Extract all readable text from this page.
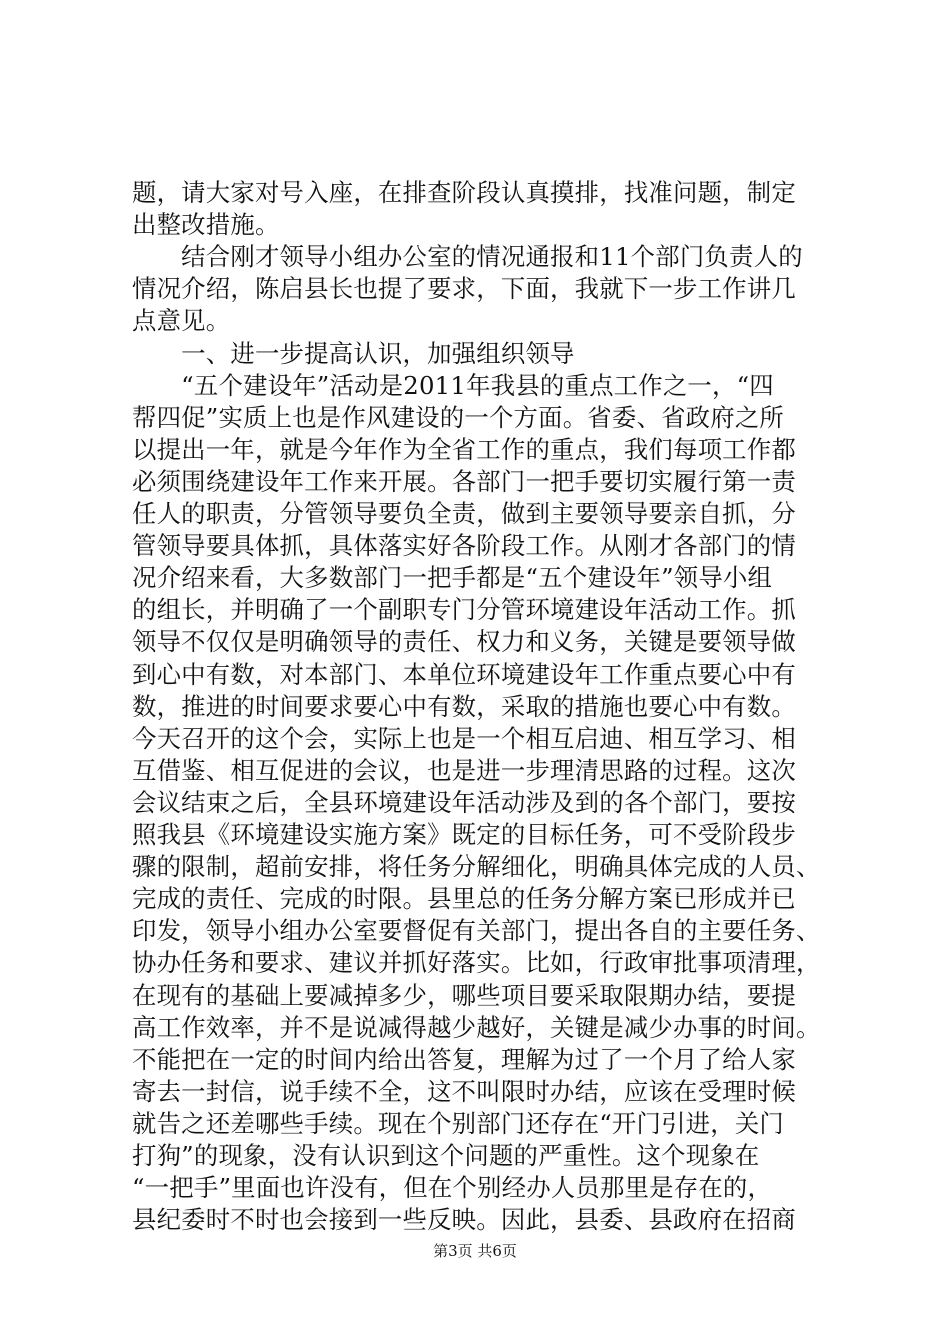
题，请大家对号入座，在排查阶段认真摸排，找准问题，制定
出整改措施。
　　结合刚才领导小组办公室的情况通报和11个部门负责人的
情况介绍，陈启县长也提了要求，下面，我就下一步工作讲几
点意见。
　　一、进一步提高认识，加强组织领导
　　“五个建设年”活动是2011年我县的重点工作之一，“四
帮四促”实质上也是作风建设的一个方面。省委、省政府之所
以提出一年，就是今年作为全省工作的重点，我们每项工作都
必须围绕建设年工作来开展。各部门一把手要切实履行第一责
任人的职责，分管领导要负全责，做到主要领导要亲自抓，分
管领导要具体抓，具体落实好各阶段工作。从刚才各部门的情
况介绍来看，大多数部门一把手都是“五个建设年”领导小组
的组长，并明确了一个副职专门分管环境建设年活动工作。抓
领导不仅仅是明确领导的责任、权力和义务，关键是要领导做
到心中有数，对本部门、本单位环境建设年工作重点要心中有
数，推进的时间要求要心中有数，采取的措施也要心中有数。
今天召开的这个会，实际上也是一个相互启迪、相互学习、相
互借鉴、相互促进的会议，也是进一步理清思路的过程。这次
会议结束之后，全县环境建设年活动涉及到的各个部门，要按
照我县《环境建设实施方案》既定的目标任务，可不受阶段步
骤的限制，超前安排，将任务分解细化，明确具体完成的人员、
完成的责任、完成的时限。县里总的任务分解方案已形成并已
印发，领导小组办公室要督促有关部门，提出各自的主要任务、
协办任务和要求、建议并抓好落实。比如，行政审批事项清理，
在现有的基础上要减掉多少，哪些项目要采取限期办结，要提
高工作效率，并不是说减得越少越好，关键是减少办事的时间。
不能把在一定的时间内给出答复，理解为过了一个月了给人家
寄去一封信，说手续不全，这不叫限时办结，应该在受理时候
就告之还差哪些手续。现在个别部门还存在“开门引进，关门
打狗”的现象，没有认识到这个问题的严重性。这个现象在
“一把手”里面也许没有，但在个别经办人员那里是存在的，
县纪委时不时也会接到一些反映。因此，县委、县政府在招商
第3页 共6页
